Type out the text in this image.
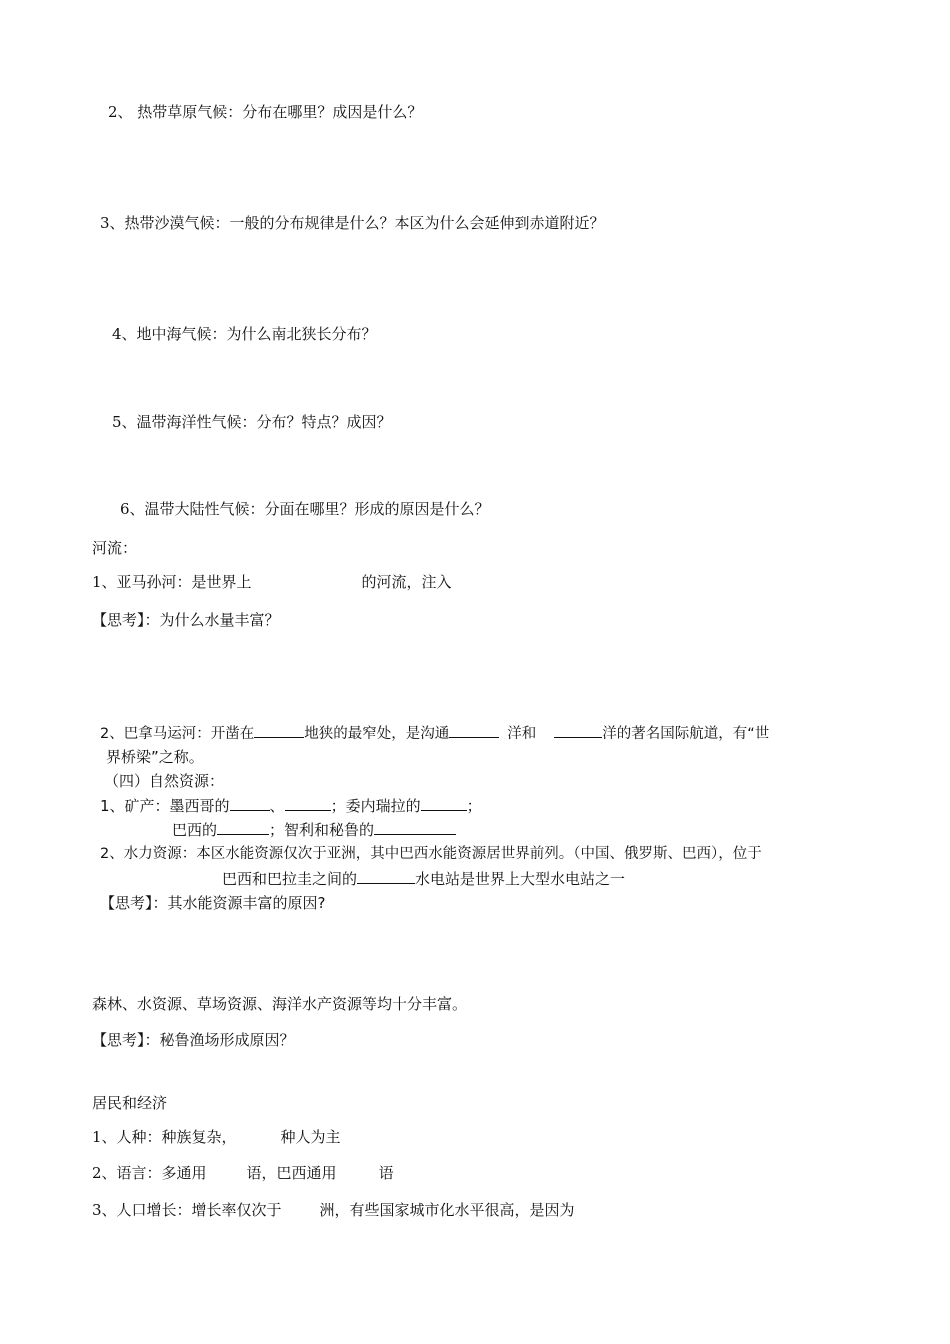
2、 热带草原气候：分布在哪里？成因是什么？
3、热带沙漠气候：一般的分布规律是什么？本区为什么会延伸到赤道附近？
4、地中海气候：为什么南北狭长分布？
5、温带海洋性气候：分布？特点？成因？
6、温带大陆性气候：分面在哪里？形成的原因是什么？
河流：
1、亚马孙河：是世界上	的河流，注入
【思考】：为什么水量丰富？
2、巴拿马运河：开凿在	地狭的最窄处，是沟通	洋和	洋的著名国际航道，有“世
界桥梁”之称。
（四）自然资源：
1、矿产：墨西哥的	、	；委内瑞拉的	；
巴西的	；智利和秘鲁的
2、水力资源：本区水能资源仅次于亚洲，其中巴西水能资源居世界前列。（中国、俄罗斯、巴西），位于
巴西和巴拉圭之间的	水电站是世界上大型水电站之一
【思考】：其水能资源丰富的原因?
森林、水资源、草场资源、海洋水产资源等均十分丰富。
【思考】：秘鲁渔场形成原因？
居民和经济
1、人种：种族复杂，	种人为主
2、语言：多通用	语，巴西通用	语
3、人口增长：增长率仅次于	洲，有些国家城市化水平很高，是因为
